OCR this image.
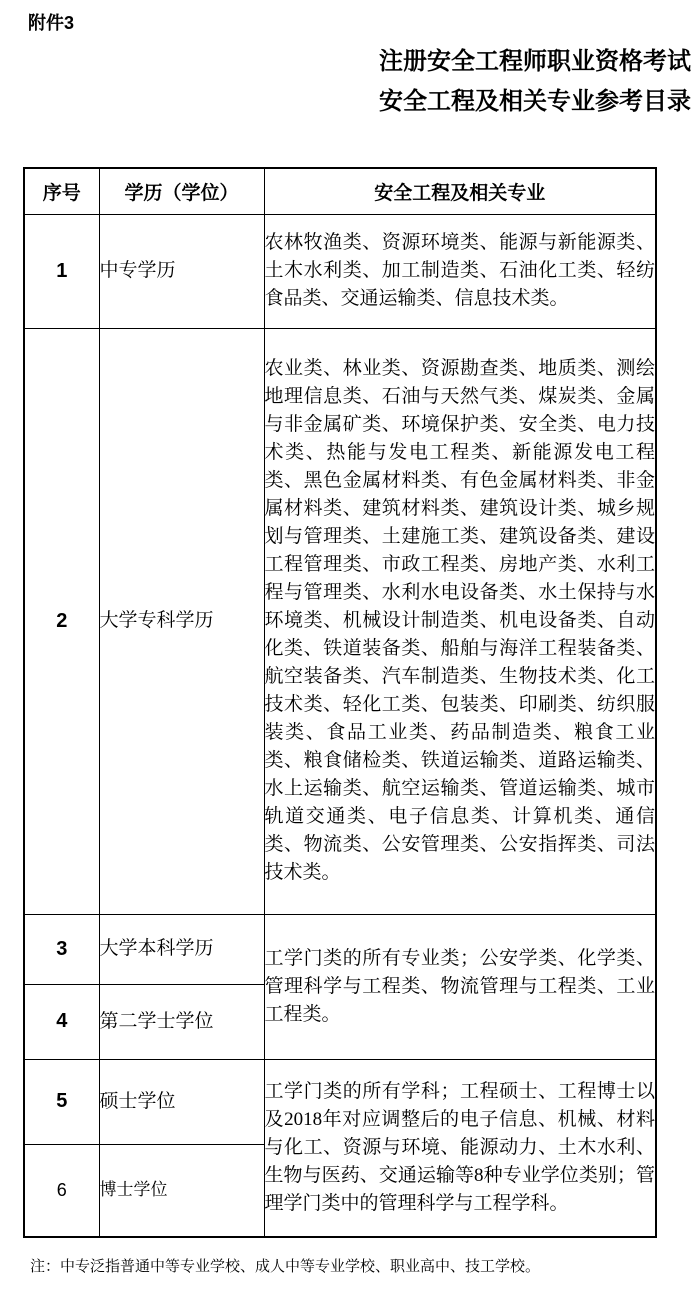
附件3
注册安全工程师职业资格考试
安全工程及相关专业参考目录
序号	学历（学位）	安全工程及相关专业
1	中专学历	农林牧渔类、资源环境类、能源与新能源类、土木水利类、加工制造类、石油化工类、轻纺食品类、交通运输类、信息技术类。
2	大学专科学历	农业类、林业类、资源勘查类、地质类、测绘地理信息类、石油与天然气类、煤炭类、金属与非金属矿类、环境保护类、安全类、电力技术类、热能与发电工程类、新能源发电工程类、黑色金属材料类、有色金属材料类、非金属材料类、建筑材料类、建筑设计类、城乡规划与管理类、土建施工类、建筑设备类、建设工程管理类、市政工程类、房地产类、水利工程与管理类、水利水电设备类、水土保持与水环境类、机械设计制造类、机电设备类、自动化类、铁道装备类、船舶与海洋工程装备类、航空装备类、汽车制造类、生物技术类、化工技术类、轻化工类、包装类、印刷类、纺织服装类、食品工业类、药品制造类、粮食工业类、粮食储检类、铁道运输类、道路运输类、水上运输类、航空运输类、管道运输类、城市轨道交通类、电子信息类、计算机类、通信类、物流类、公安管理类、公安指挥类、司法技术类。
3	大学本科学历	工学门类的所有专业类；公安学类、化学类、管理科学与工程类、物流管理与工程类、工业工程类。
4	第二学士学位	
5	硕士学位	工学门类的所有学科；工程硕士、工程博士以及2018年对应调整后的电子信息、机械、材料与化工、资源与环境、能源动力、土木水利、生物与医药、交通运输等8种专业学位类别；管理学门类中的管理科学与工程学科。
6	博士学位	
注：中专泛指普通中等专业学校、成人中等专业学校、职业高中、技工学校。
